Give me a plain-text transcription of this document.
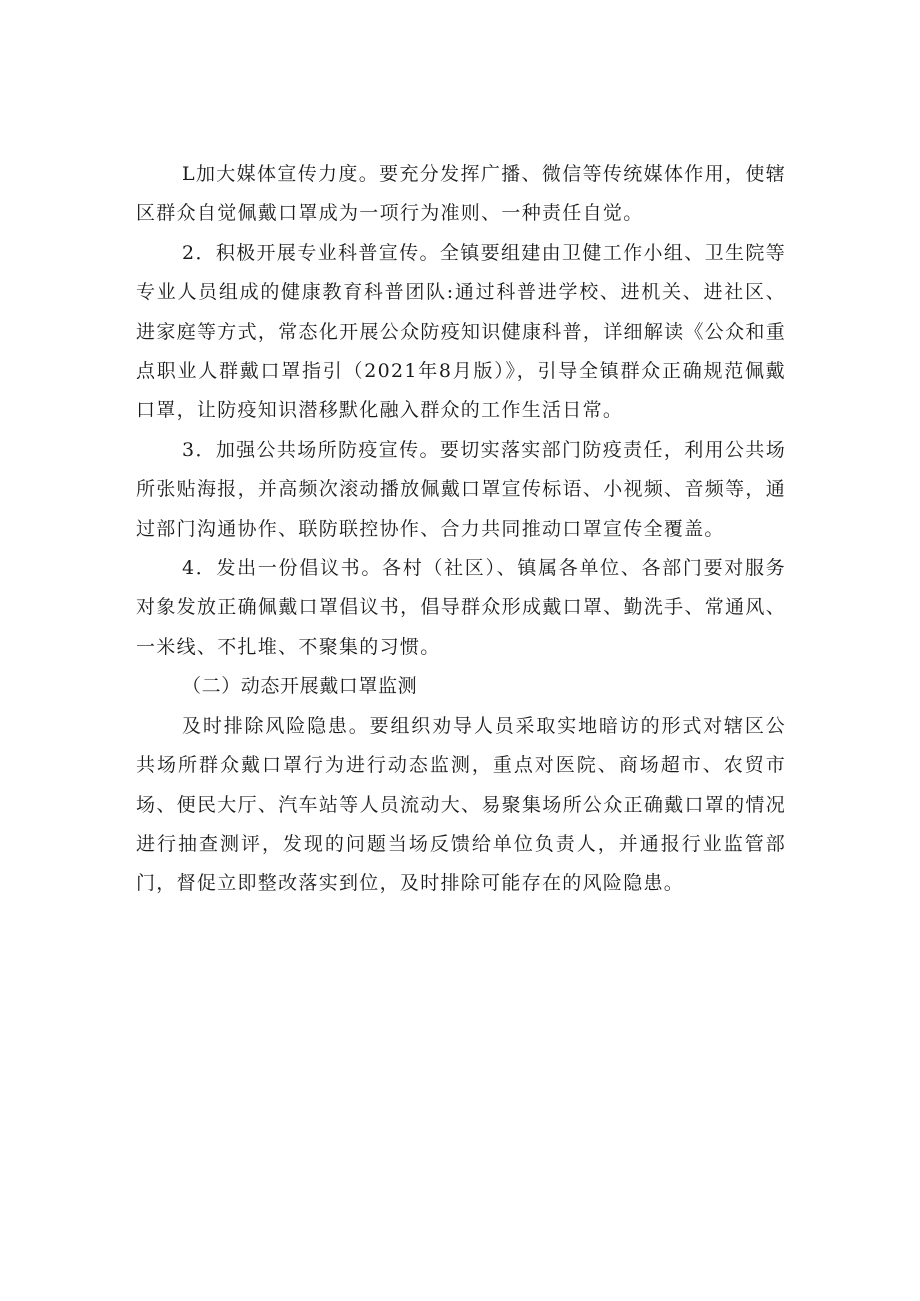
L加大媒体宣传力度。要充分发挥广播、微信等传统媒体作用，使辖区群众自觉佩戴口罩成为一项行为准则、一种责任自觉。

2．积极开展专业科普宣传。全镇要组建由卫健工作小组、卫生院等专业人员组成的健康教育科普团队:通过科普进学校、进机关、进社区、进家庭等方式，常态化开展公众防疫知识健康科普，详细解读《公众和重点职业人群戴口罩指引（2021年8月版）》，引导全镇群众正确规范佩戴口罩，让防疫知识潜移默化融入群众的工作生活日常。

3．加强公共场所防疫宣传。要切实落实部门防疫责任，利用公共场所张贴海报，并高频次滚动播放佩戴口罩宣传标语、小视频、音频等，通过部门沟通协作、联防联控协作、合力共同推动口罩宣传全覆盖。

4．发出一份倡议书。各村（社区）、镇属各单位、各部门要对服务对象发放正确佩戴口罩倡议书，倡导群众形成戴口罩、勤洗手、常通风、一米线、不扎堆、不聚集的习惯。

（二）动态开展戴口罩监测

及时排除风险隐患。要组织劝导人员采取实地暗访的形式对辖区公共场所群众戴口罩行为进行动态监测，重点对医院、商场超市、农贸市场、便民大厅、汽车站等人员流动大、易聚集场所公众正确戴口罩的情况进行抽查测评，发现的问题当场反馈给单位负责人，并通报行业监管部门，督促立即整改落实到位，及时排除可能存在的风险隐患。
